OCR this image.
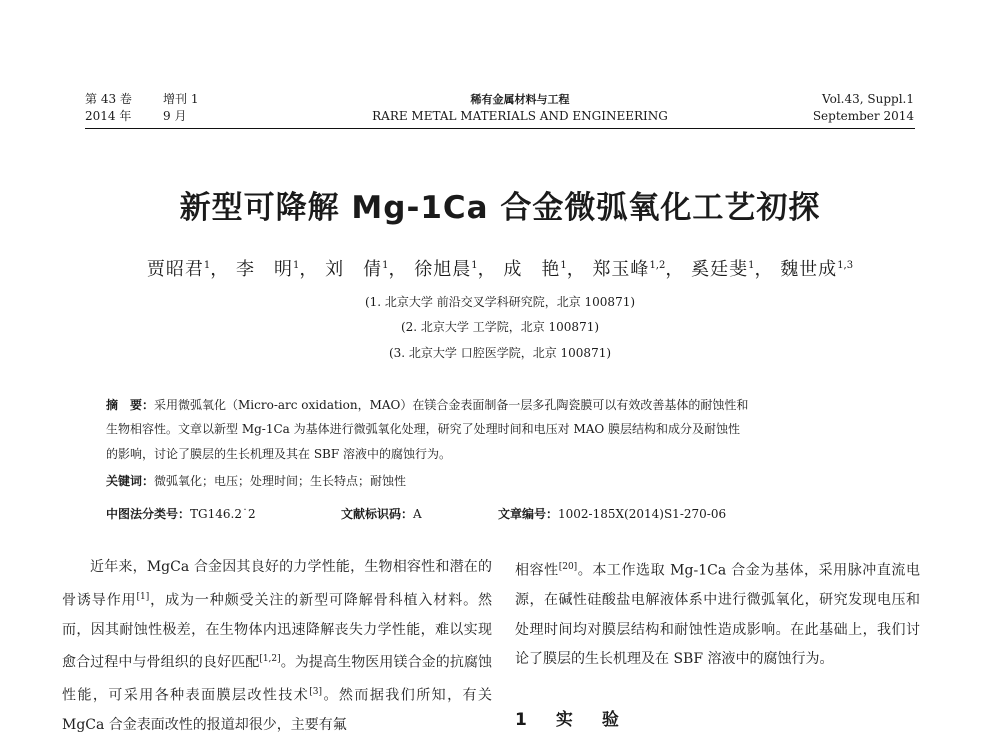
第 43 卷	增刊 1
2014 年	9 月
稀有金属材料与工程
RARE METAL MATERIALS AND ENGINEERING
Vol.43, Suppl.1
September 2014
新型可降解 Mg-1Ca 合金微弧氧化工艺初探
贾昭君$^1$， 李　明$^1$， 刘　倩$^1$， 徐旭晨$^1$， 成　艳$^1$， 郑玉峰$^{1,2}$， 奚廷斐$^1$， 魏世成$^{1,3}$
(1. 北京大学 前沿交叉学科研究院，北京 100871)
(2. 北京大学 工学院，北京 100871)
(3. 北京大学 口腔医学院，北京 100871)
摘　要：采用微弧氧化（Micro-arc oxidation，MAO）在镁合金表面制备一层多孔陶瓷膜可以有效改善基体的耐蚀性和
生物相容性。文章以新型 Mg-1Ca 为基体进行微弧氧化处理，研究了处理时间和电压对 MAO 膜层结构和成分及耐蚀性
的影响，讨论了膜层的生长机理及其在 SBF 溶液中的腐蚀行为。
关键词：微弧氧化；电压；处理时间；生长特点；耐蚀性
中图法分类号：TG146.2˙2	文献标识码：A	文章编号：1002-185X(2014)S1-270-06

近年来，MgCa 合金因其良好的力学性能，生物相容性和潜在的骨诱导作用[1]，成为一种颇受关注的新型可降解骨科植入材料。然而，因其耐蚀性极差，在生物体内迅速降解丧失力学性能，难以实现愈合过程中与骨组织的良好匹配[1,2]。为提高生物医用镁合金的抗腐蚀性能，可采用各种表面膜层改性技术[3]。然而据我们所知，有关 MgCa 合金表面改性的报道却很少，主要有氟

相容性[20]。本工作选取 Mg-1Ca 合金为基体，采用脉冲直流电源，在碱性硅酸盐电解液体系中进行微弧氧化，研究发现电压和处理时间均对膜层结构和耐蚀性造成影响。在此基础上，我们讨论了膜层的生长机理及在 SBF 溶液中的腐蚀行为。

1　实　验
